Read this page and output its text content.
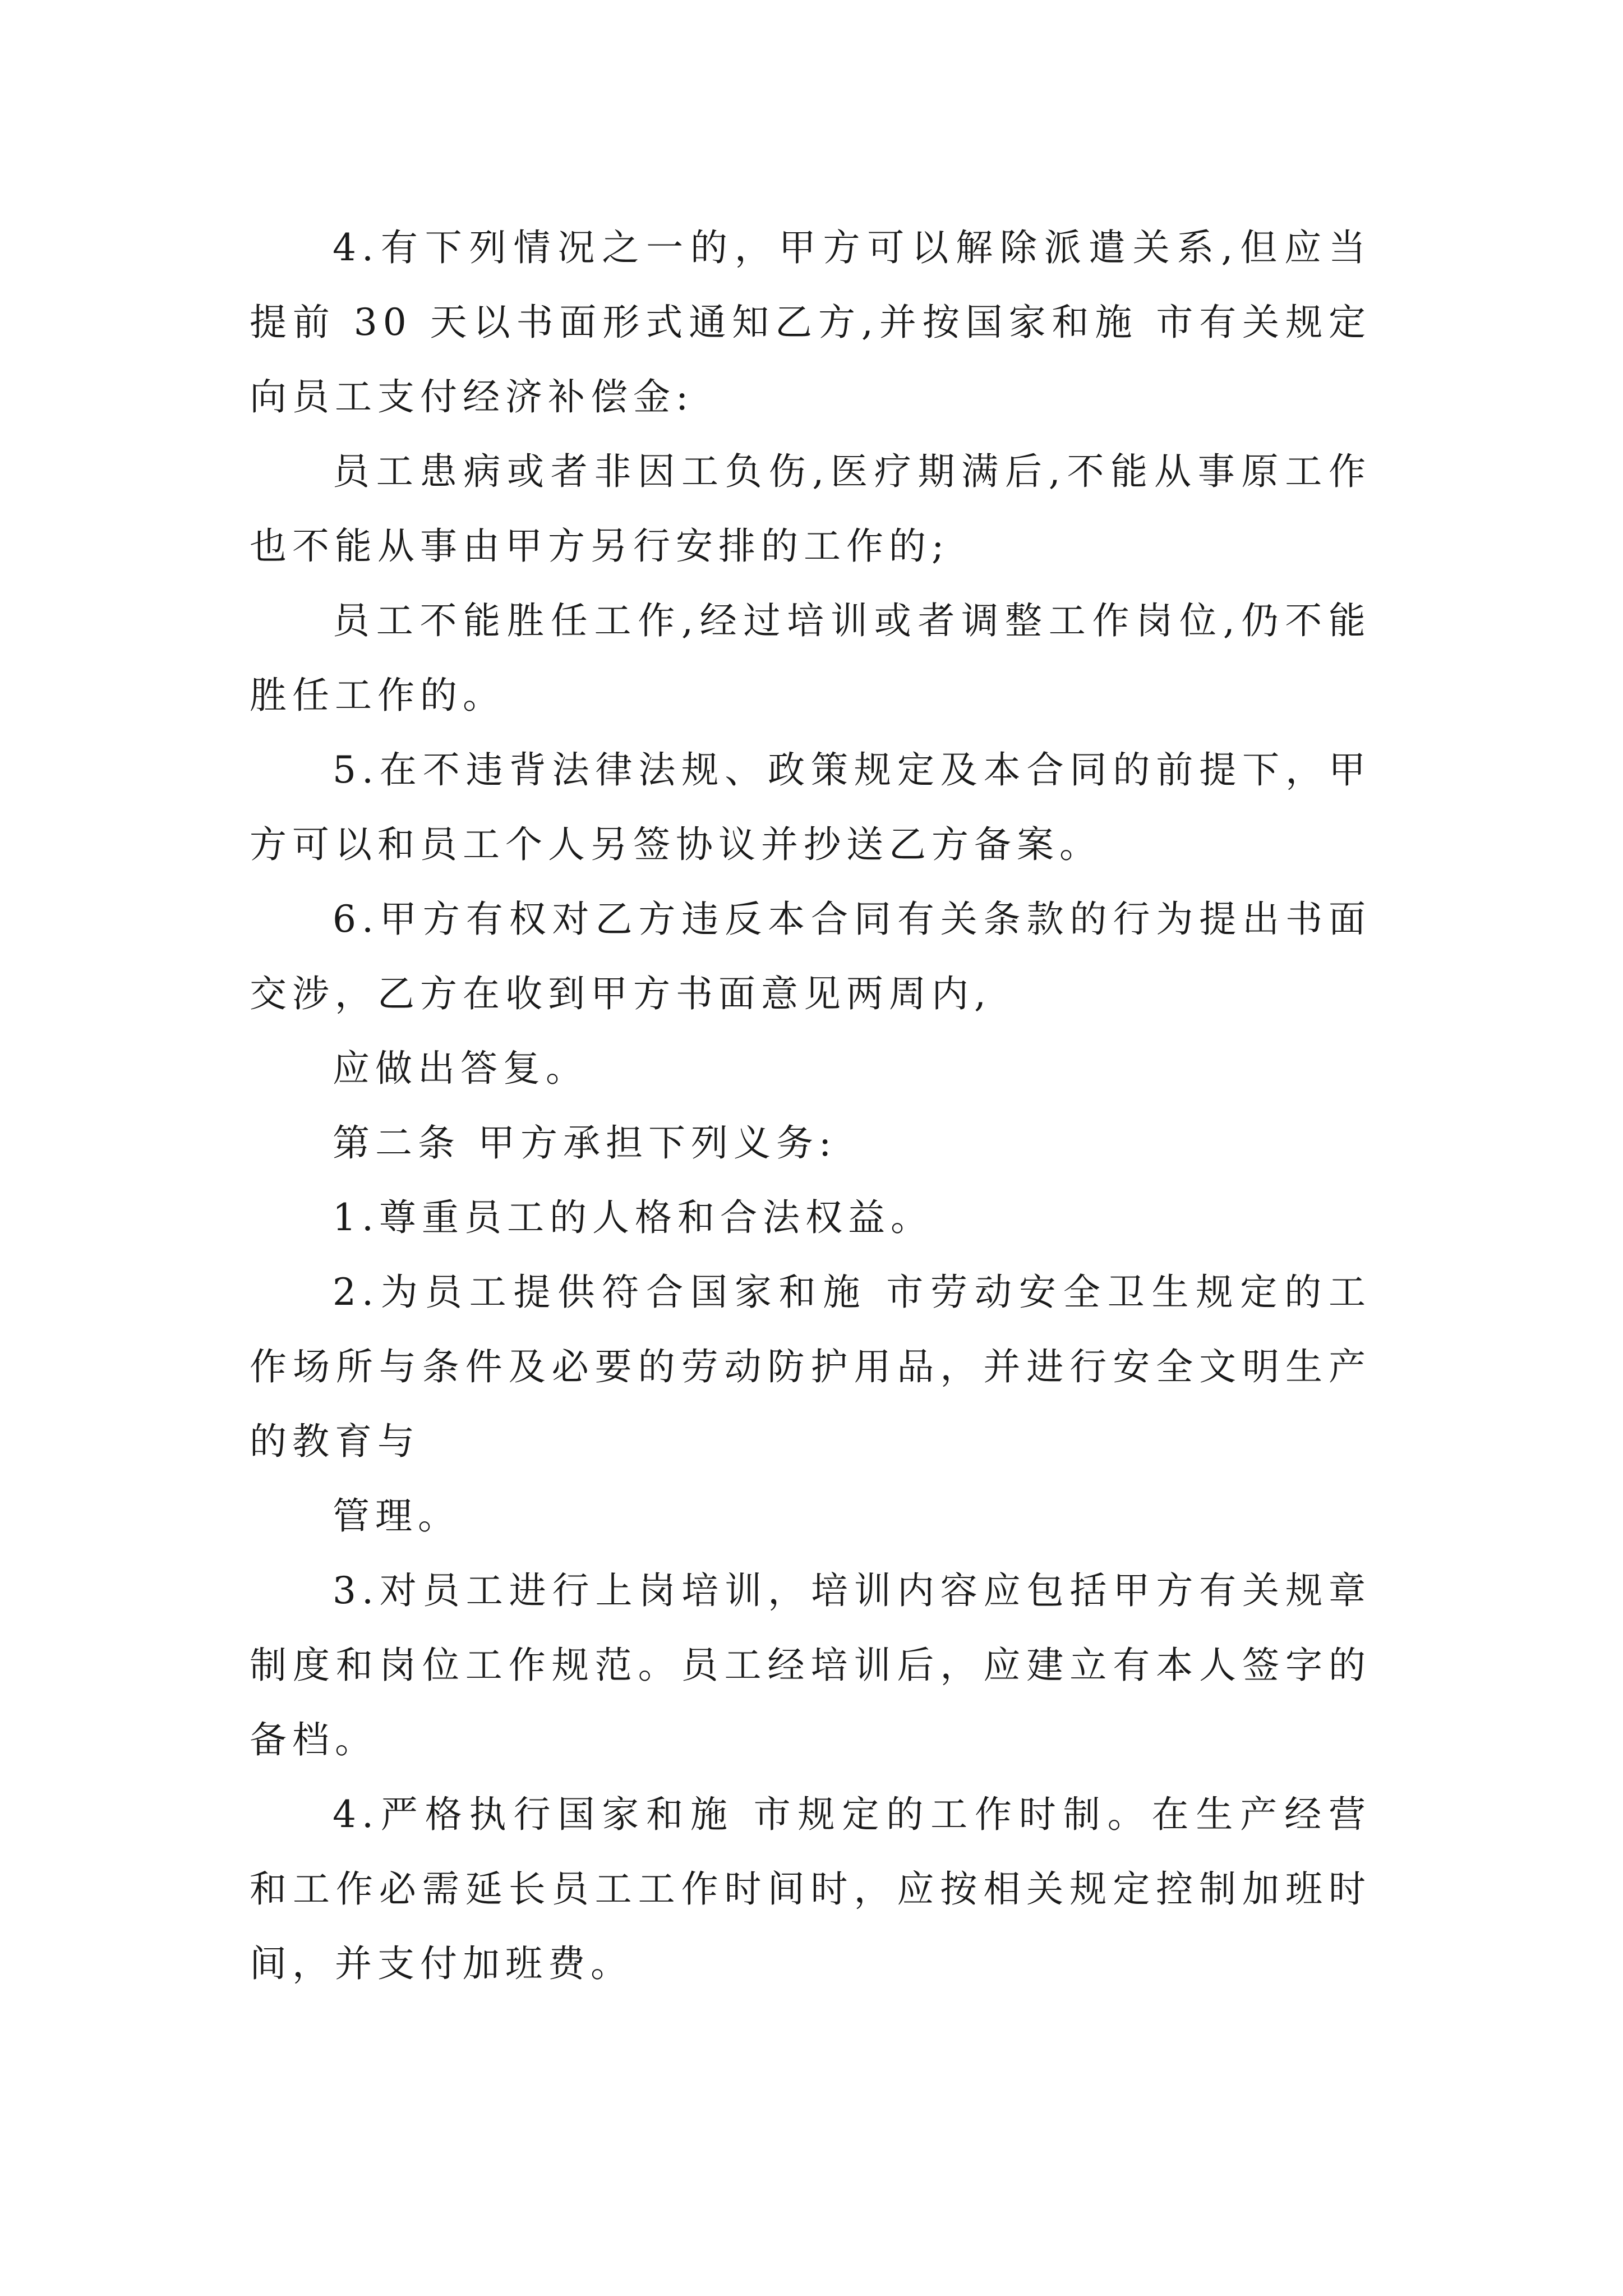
4.有下列情况之一的，甲方可以解除派遣关系,但应当提前 30 天以书面形式通知乙方,并按国家和施 市有关规定向员工支付经济补偿金:

员工患病或者非因工负伤,医疗期满后,不能从事原工作也不能从事由甲方另行安排的工作的;

员工不能胜任工作,经过培训或者调整工作岗位,仍不能胜任工作的。

5.在不违背法律法规、政策规定及本合同的前提下，甲方可以和员工个人另签协议并抄送乙方备案。

6.甲方有权对乙方违反本合同有关条款的行为提出书面交涉，乙方在收到甲方书面意见两周内,

应做出答复。

第二条 甲方承担下列义务:

1.尊重员工的人格和合法权益。

2.为员工提供符合国家和施 市劳动安全卫生规定的工作场所与条件及必要的劳动防护用品，并进行安全文明生产的教育与

管理。

3.对员工进行上岗培训，培训内容应包括甲方有关规章制度和岗位工作规范。员工经培训后，应建立有本人签字的备档。

4.严格执行国家和施 市规定的工作时制。在生产经营和工作必需延长员工工作时间时，应按相关规定控制加班时间，并支付加班费。
